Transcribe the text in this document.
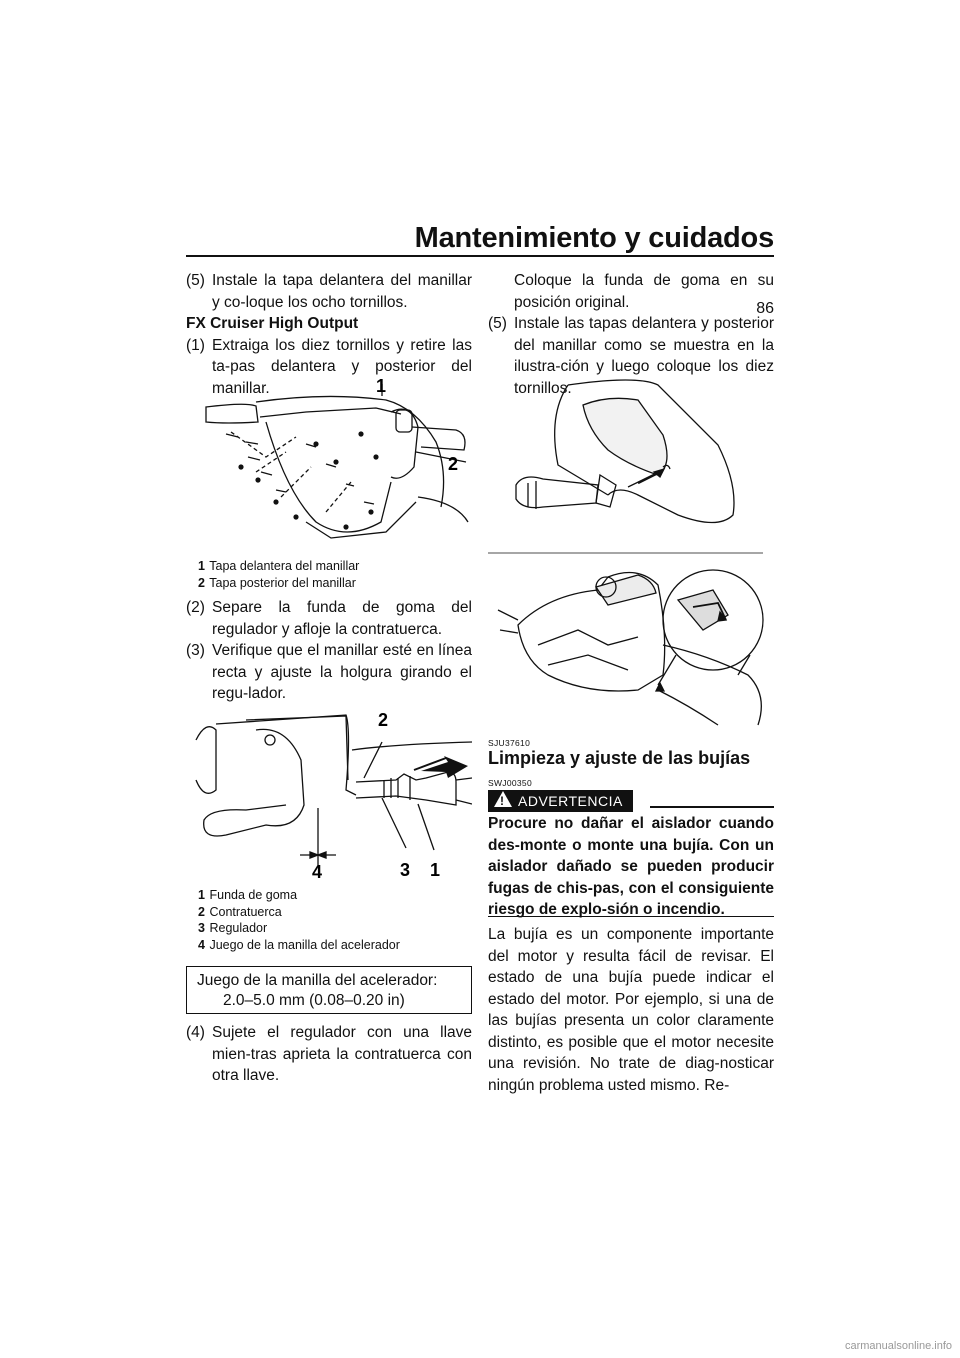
Mantenimiento y cuidados
86
(5) Instale la tapa delantera del manillar y co-loque los ocho tornillos.

FX Cruiser High Output

(1) Extraiga los diez tornillos y retire las ta-pas delantera y posterior del manillar.	1
2
1 Tapa delantera del manillar
2 Tapa posterior del manillar
(2) Separe la funda de goma del regulador y afloje la contratuerca.
(3) Verifique que el manillar esté en línea recta y ajuste la holgura girando el regu-lador.
2
4	3 1
1 Funda de goma
2 Contratuerca
3 Regulador
4 Juego de la manilla del acelerador
Juego de la manilla del acelerador:
2.0–5.0 mm (0.08–0.20 in)
(4) Sujete el regulador con una llave mien-tras aprieta la contratuerca con otra llave.

Coloque la funda de goma en su posición original.

(5) Instale las tapas delantera y posterior del manillar como se muestra en la ilustra-ción y luego coloque los diez tornillos.
SJU37610
Limpieza y ajuste de las bujías
SWJ00350
! ADVERTENCIA
Procure no dañar el aislador cuando des-monte o monte una bujía. Con un aislador dañado se pueden producir fugas de chis-pas, con el consiguiente riesgo de explo-sión o incendio.
La bujía es un componente importante del motor y resulta fácil de revisar. El estado de una bujía puede indicar el estado del motor. Por ejemplo, si una de las bujías presenta un color claramente distinto, es posible que el motor necesite una revisión. No trate de diag-nosticar ningún problema usted mismo. Re-
carmanualsonline.info
